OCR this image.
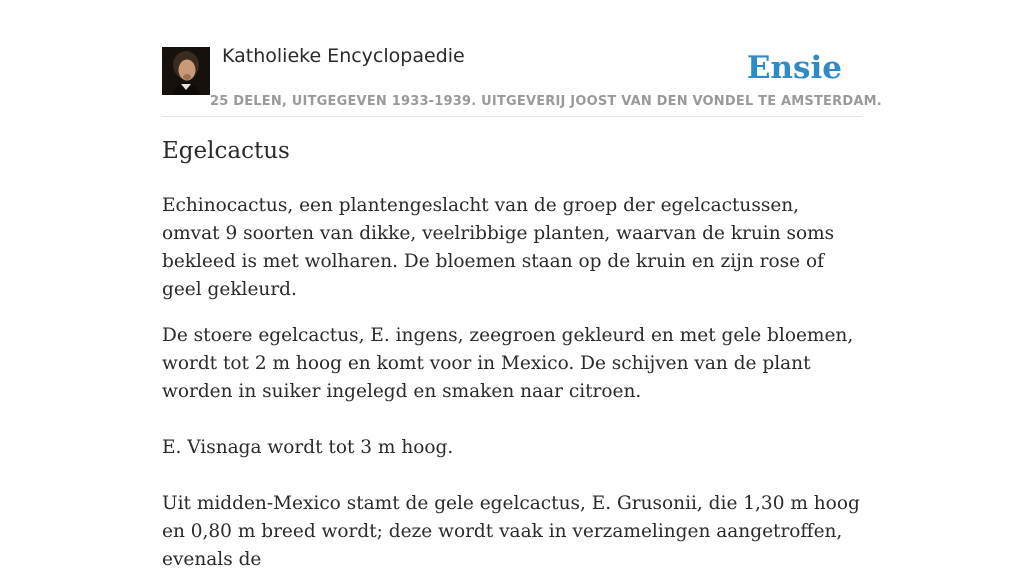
Katholieke Encyclopaedie	Ensie
25 DELEN, UITGEGEVEN 1933-1939. UITGEVERIJ JOOST VAN DEN VONDEL TE AMSTERDAM.
Egelcactus

Echinocactus, een plantengeslacht van de groep der egelcactussen, omvat 9 soorten van dikke, veelribbige planten, waarvan de kruin soms bekleed is met wolharen. De bloemen staan op de kruin en zijn rose of geel gekleurd.

De stoere egelcactus, E. ingens, zeegroen gekleurd en met gele bloemen, wordt tot 2 m hoog en komt voor in Mexico. De schijven van de plant worden in suiker ingelegd en smaken naar citroen.

E. Visnaga wordt tot 3 m hoog.

Uit midden-Mexico stamt de gele egelcactus, E. Grusonii, die 1,30 m hoog en 0,80 m breed wordt; deze wordt vaak in verzamelingen aangetroffen, evenals de
